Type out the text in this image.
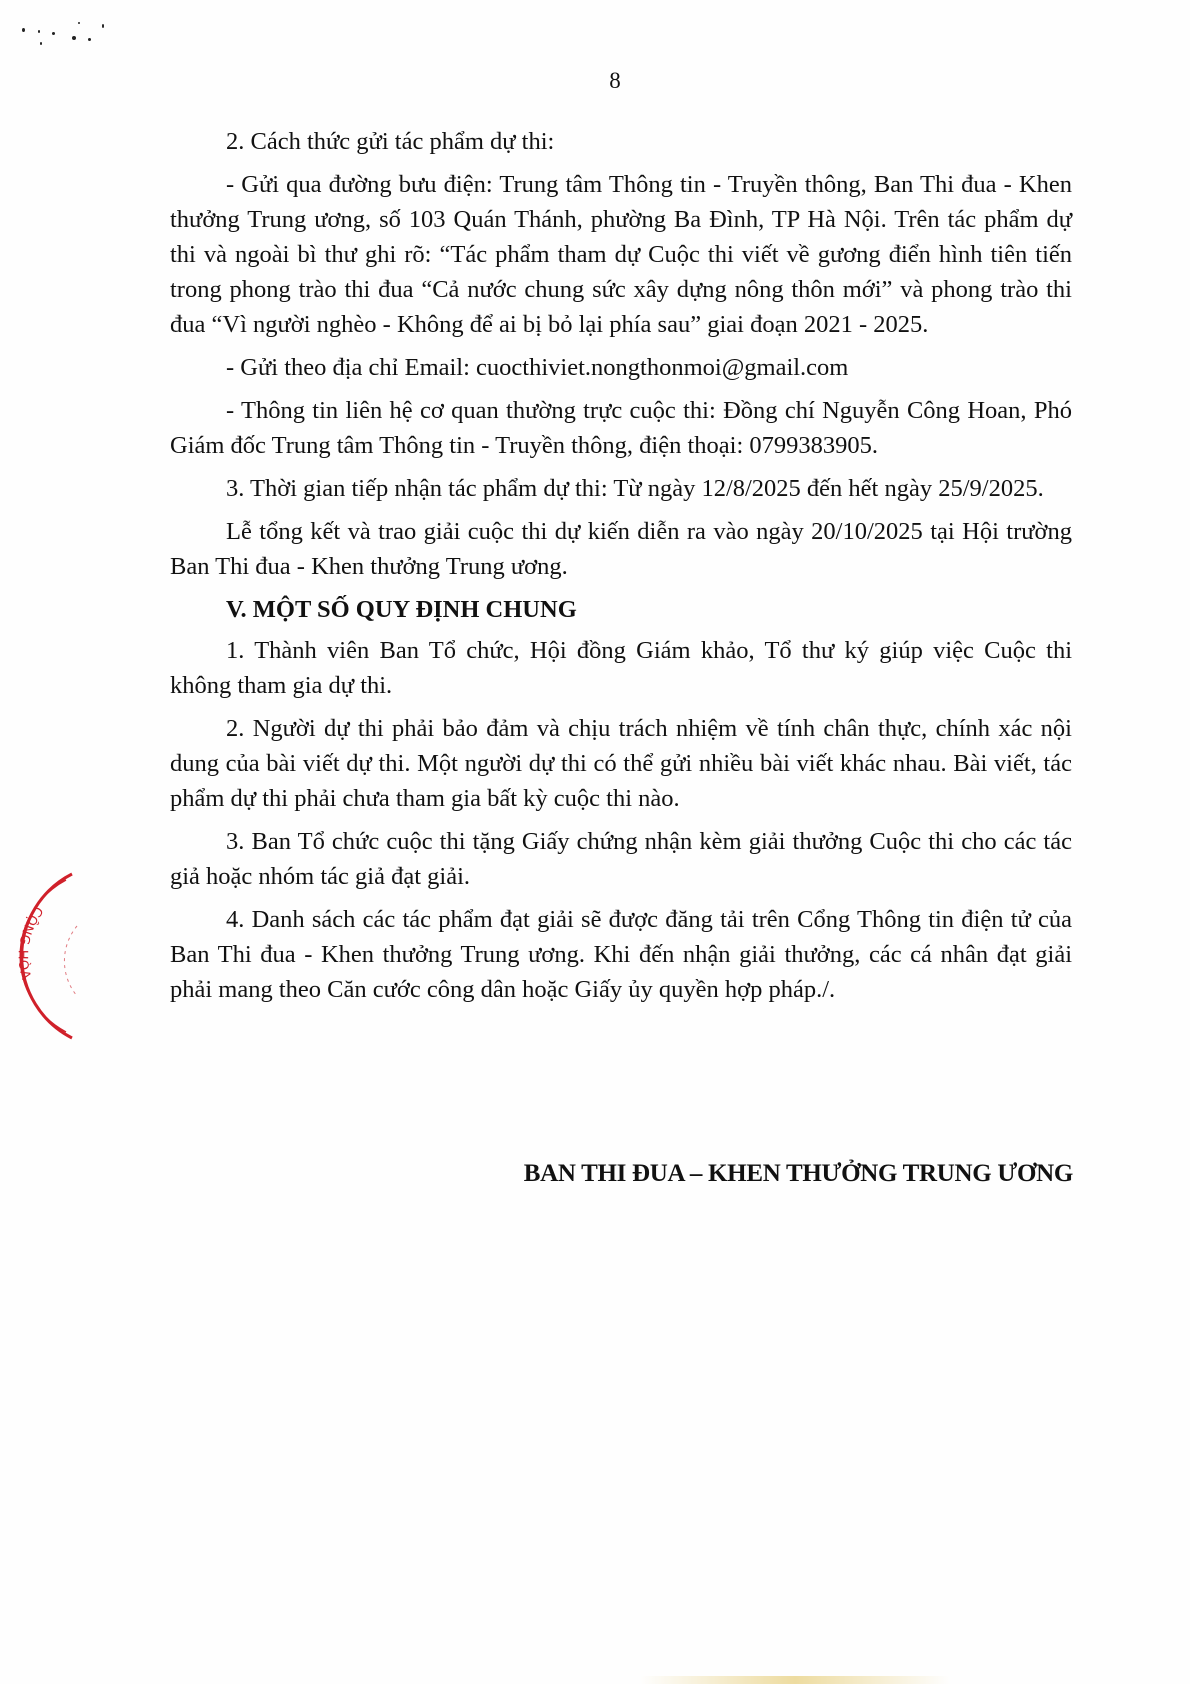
8

2. Cách thức gửi tác phẩm dự thi:

- Gửi qua đường bưu điện: Trung tâm Thông tin - Truyền thông, Ban Thi đua - Khen thưởng Trung ương, số 103 Quán Thánh, phường Ba Đình, TP Hà Nội. Trên tác phẩm dự thi và ngoài bì thư ghi rõ: “Tác phẩm tham dự Cuộc thi viết về gương điển hình tiên tiến trong phong trào thi đua “Cả nước chung sức xây dựng nông thôn mới” và phong trào thi đua “Vì người nghèo - Không để ai bị bỏ lại phía sau” giai đoạn 2021 - 2025.

- Gửi theo địa chỉ Email: cuocthiviet.nongthonmoi@gmail.com

- Thông tin liên hệ cơ quan thường trực cuộc thi: Đồng chí Nguyễn Công Hoan, Phó Giám đốc Trung tâm Thông tin - Truyền thông, điện thoại: 0799383905.

3. Thời gian tiếp nhận tác phẩm dự thi: Từ ngày 12/8/2025 đến hết ngày 25/9/2025.

Lễ tổng kết và trao giải cuộc thi dự kiến diễn ra vào ngày 20/10/2025 tại Hội trường Ban Thi đua - Khen thưởng Trung ương.

V. MỘT SỐ QUY ĐỊNH CHUNG

1. Thành viên Ban Tổ chức, Hội đồng Giám khảo, Tổ thư ký giúp việc Cuộc thi không tham gia dự thi.

2. Người dự thi phải bảo đảm và chịu trách nhiệm về tính chân thực, chính xác nội dung của bài viết dự thi. Một người dự thi có thể gửi nhiều bài viết khác nhau. Bài viết, tác phẩm dự thi phải chưa tham gia bất kỳ cuộc thi nào.

3. Ban Tổ chức cuộc thi tặng Giấy chứng nhận kèm giải thưởng Cuộc thi cho các tác giả hoặc nhóm tác giả đạt giải.

4. Danh sách các tác phẩm đạt giải sẽ được đăng tải trên Cổng Thông tin điện tử của Ban Thi đua - Khen thưởng Trung ương. Khi đến nhận giải thưởng, các cá nhân đạt giải phải mang theo Căn cước công dân hoặc Giấy ủy quyền hợp pháp./.

BAN THI ĐUA – KHEN THƯỞNG TRUNG ƯƠNG
CỘNG HÒA
